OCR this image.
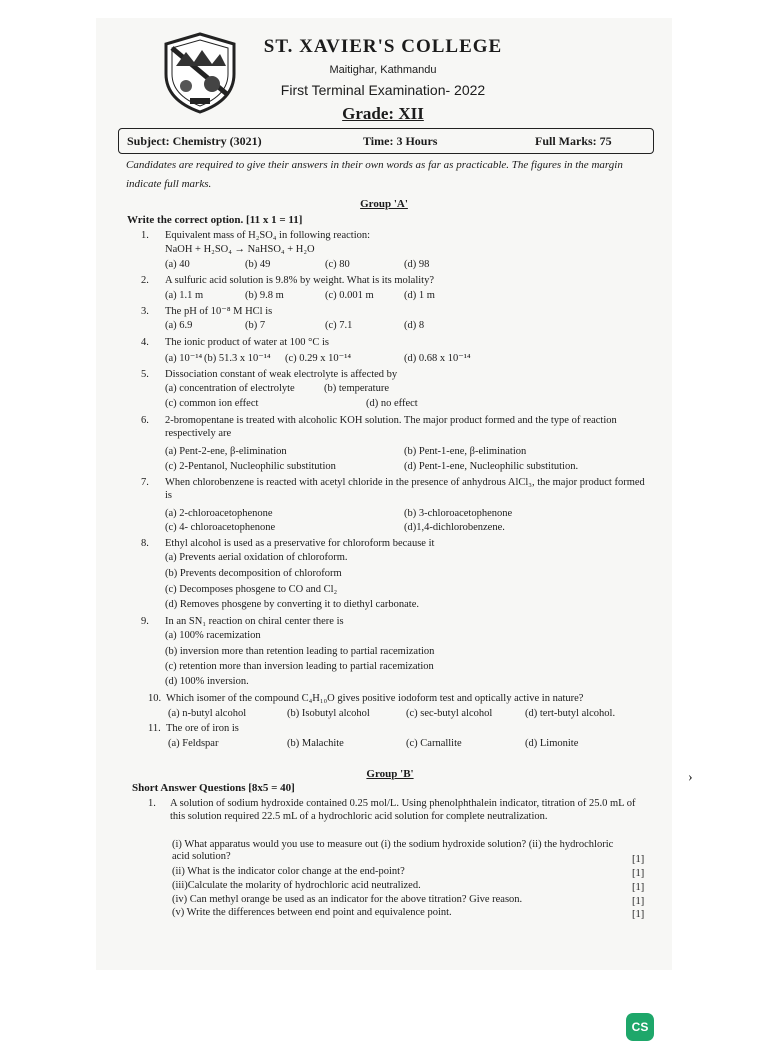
ST. XAVIER'S COLLEGE
Maitighar, Kathmandu
First Terminal Examination- 2022
Grade: XII
Subject: Chemistry (3021)	Time: 3 Hours	Full Marks: 75
Candidates are required to give their answers in their own words as far as practicable. The figures in the margin indicate full marks.
Group 'A'
Write the correct option. [11 x 1 = 11]
1.	Equivalent mass of H₂SO₄ in following reaction:
NaOH + H₂SO₄ → NaHSO₄ + H₂O
(a) 40	(b) 49	(c) 80	(d) 98
2.	A sulfuric acid solution is 9.8% by weight. What is its molality?
(a) 1.1 m	(b) 9.8 m	(c) 0.001 m	(d) 1 m
3.	The pH of 10⁻⁸ M HCl is
(a) 6.9	(b) 7	(c) 7.1	(d) 8
4.	The ionic product of water at 100 °C is
(a) 10⁻¹⁴ (b) 51.3 x 10⁻¹⁴ (c) 0.29 x 10⁻¹⁴	(d) 0.68 x 10⁻¹⁴
5.	Dissociation constant of weak electrolyte is affected by
(a) concentration of electrolyte	(b) temperature
(c) common ion effect	(d) no effect
6.	2-bromopentane is treated with alcoholic KOH solution. The major product formed and the type of reaction respectively are
(a) Pent-2-ene, β-elimination	(b) Pent-1-ene, β-elimination
(c) 2-Pentanol, Nucleophilic substitution	(d) Pent-1-ene, Nucleophilic substitution.
7.	When chlorobenzene is reacted with acetyl chloride in the presence of anhydrous AlCl₃, the major product formed is
(a) 2-chloroacetophenone	(b) 3-chloroacetophenone
(c) 4- chloroacetophenone	(d)1,4-dichlorobenzene.
8.	Ethyl alcohol is used as a preservative for chloroform because it
(a) Prevents aerial oxidation of chloroform.
(b) Prevents decomposition of chloroform
(c) Decomposes phosgene to CO and Cl₂
(d) Removes phosgene by converting it to diethyl carbonate.
9.	In an SN₁ reaction on chiral center there is
(a) 100% racemization
(b) inversion more than retention leading to partial racemization
(c) retention more than inversion leading to partial racemization
(d) 100% inversion.
10. Which isomer of the compound C₄H₁₀O gives positive iodoform test and optically active in nature?
(a) n-butyl alcohol	(b) Isobutyl alcohol	(c) sec-butyl alcohol	(d) tert-butyl alcohol.
11. The ore of iron is
(a) Feldspar	(b) Malachite	(c) Carnallite	(d) Limonite
Group 'B'
Short Answer Questions [8x5 = 40]
1. A solution of sodium hydroxide contained 0.25 mol/L. Using phenolphthalein indicator, titration of 25.0 mL of this solution required 22.5 mL of a hydrochloric acid solution for complete neutralization.
(i) What apparatus would you use to measure out (i) the sodium hydroxide solution? (ii) the hydrochloric acid solution?	[1]
(ii) What is the indicator color change at the end-point?	[1]
(iii)Calculate the molarity of hydrochloric acid neutralized.	[1]
(iv) Can methyl orange be used as an indicator for the above titration? Give reason.	[1]
(v) Write the differences between end point and equivalence point.	[1]
›
CS
